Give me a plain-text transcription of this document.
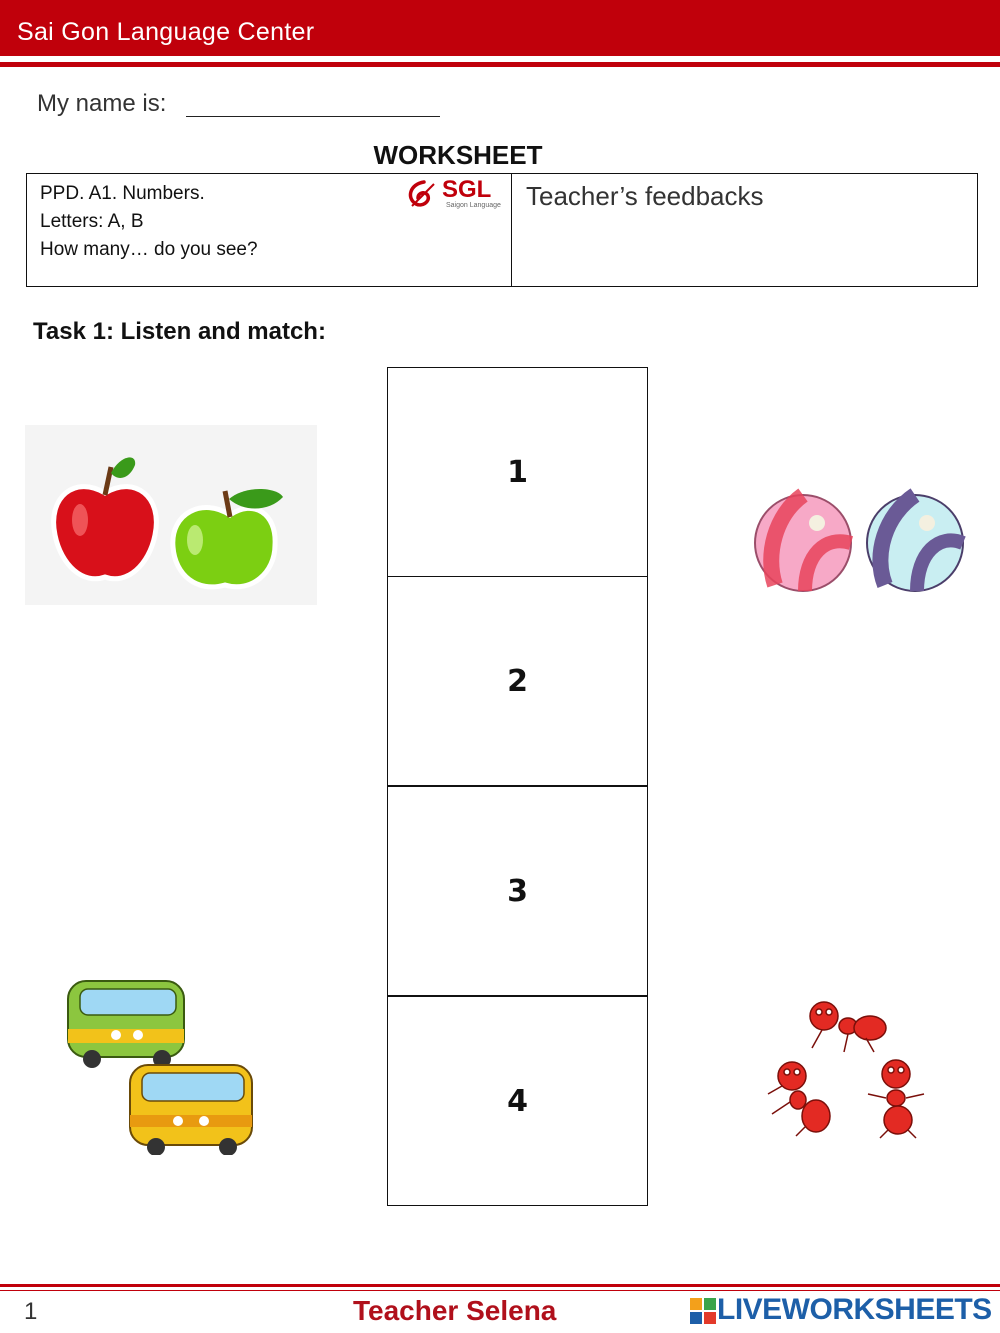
Sai Gon Language Center
My name is:
WORKSHEET
PPD. A1. Numbers.
Letters: A, B
How many… do you see?
Teacher’s feedbacks
SGL
Saigon Language
Task 1: Listen and match:
1
2
3
4
1	Teacher Selena	LIVEWORKSHEETS
